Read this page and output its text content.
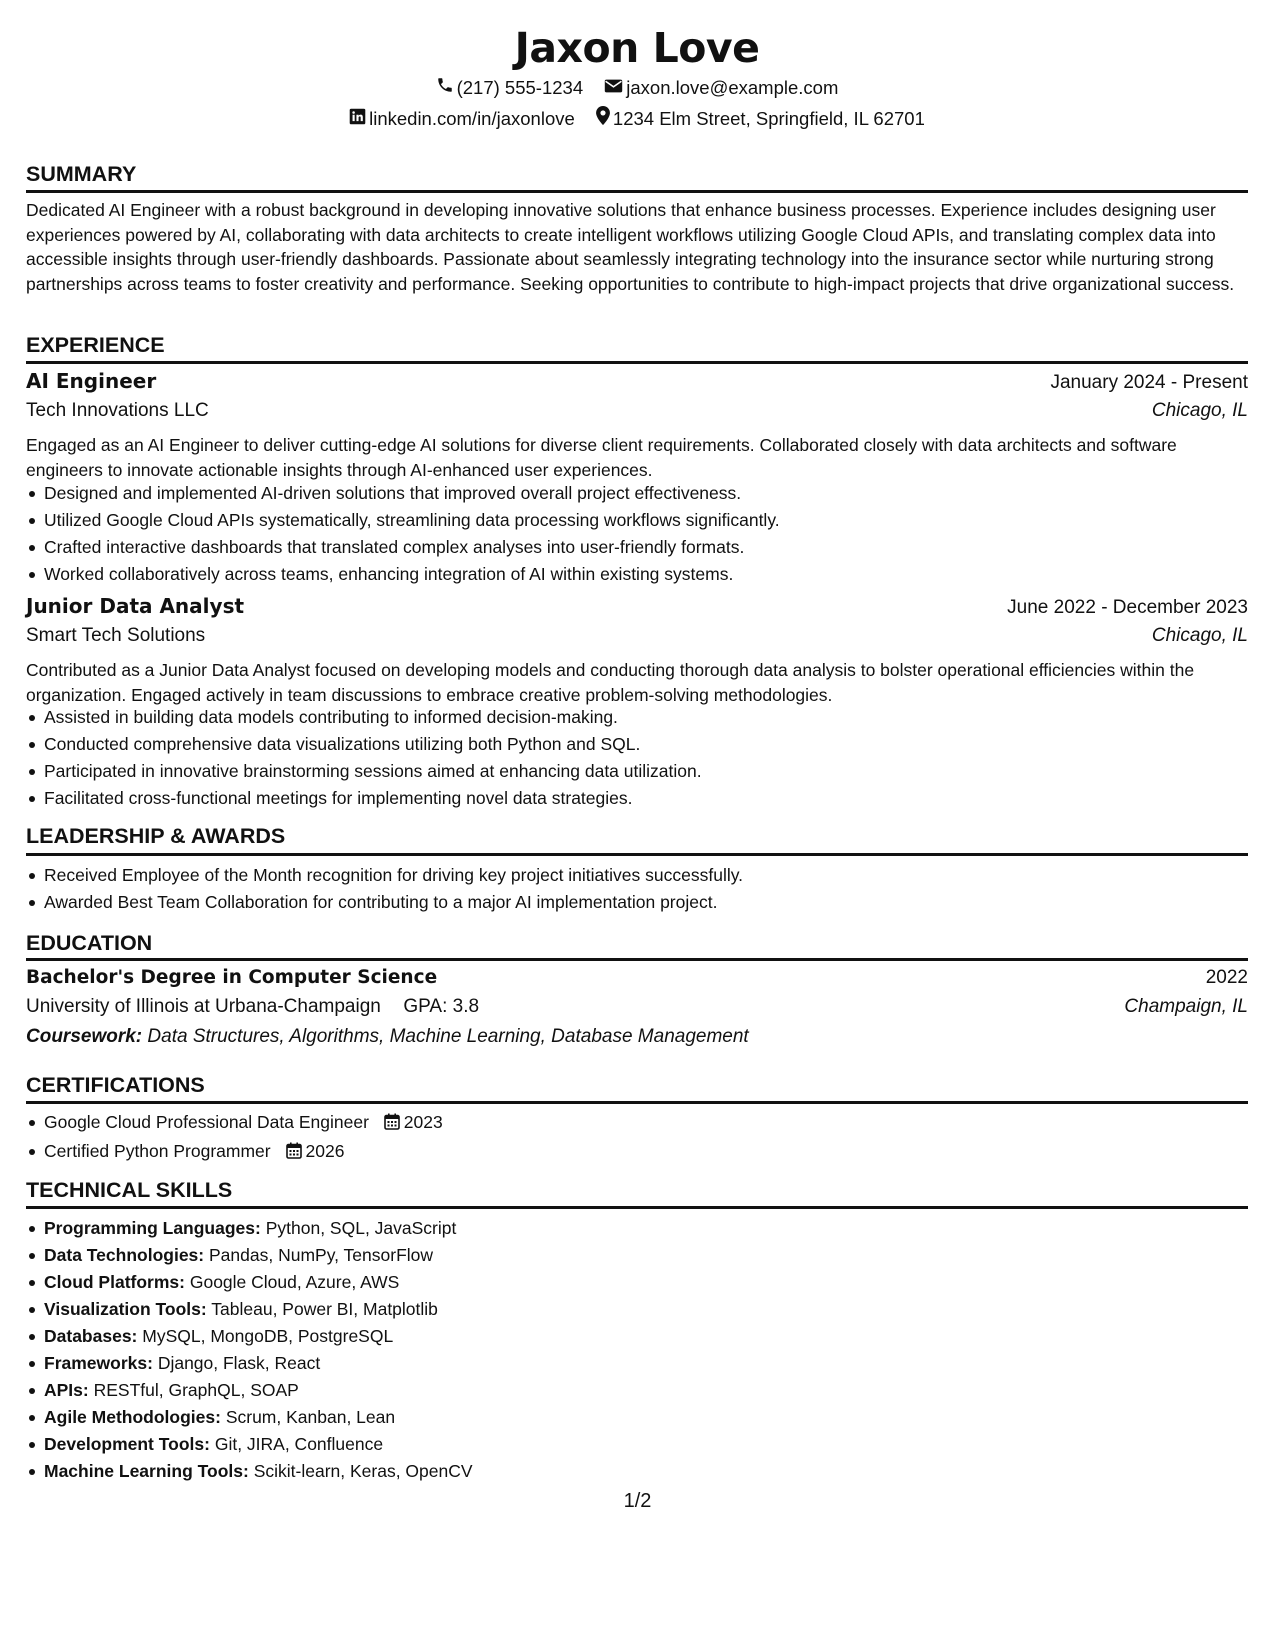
Jaxon Love
(217) 555-1234
jaxon.love@example.com
linkedin.com/in/jaxonlove
1234 Elm Street, Springfield, IL 62701
SUMMARY
Dedicated AI Engineer with a robust background in developing innovative solutions that enhance business processes. Experience includes designing user experiences powered by AI, collaborating with data architects to create intelligent workflows utilizing Google Cloud APIs, and translating complex data into accessible insights through user-friendly dashboards. Passionate about seamlessly integrating technology into the insurance sector while nurturing strong partnerships across teams to foster creativity and performance. Seeking opportunities to contribute to high-impact projects that drive organizational success.
EXPERIENCE
AI Engineer	January 2024 - Present
Tech Innovations LLC	Chicago, IL
Engaged as an AI Engineer to deliver cutting-edge AI solutions for diverse client requirements. Collaborated closely with data architects and software engineers to innovate actionable insights through AI-enhanced user experiences.
Designed and implemented AI-driven solutions that improved overall project effectiveness.
Utilized Google Cloud APIs systematically, streamlining data processing workflows significantly.
Crafted interactive dashboards that translated complex analyses into user-friendly formats.
Worked collaboratively across teams, enhancing integration of AI within existing systems.
Junior Data Analyst	June 2022 - December 2023
Smart Tech Solutions	Chicago, IL
Contributed as a Junior Data Analyst focused on developing models and conducting thorough data analysis to bolster operational efficiencies within the organization. Engaged actively in team discussions to embrace creative problem-solving methodologies.
Assisted in building data models contributing to informed decision-making.
Conducted comprehensive data visualizations utilizing both Python and SQL.
Participated in innovative brainstorming sessions aimed at enhancing data utilization.
Facilitated cross-functional meetings for implementing novel data strategies.
LEADERSHIP & AWARDS
Received Employee of the Month recognition for driving key project initiatives successfully.
Awarded Best Team Collaboration for contributing to a major AI implementation project.
EDUCATION
Bachelor's Degree in Computer Science	2022
University of Illinois at Urbana-Champaign GPA: 3.8	Champaign, IL
Coursework: Data Structures, Algorithms, Machine Learning, Database Management
CERTIFICATIONS
Google Cloud Professional Data Engineer 2023
Certified Python Programmer 2026
TECHNICAL SKILLS
Programming Languages: Python, SQL, JavaScript
Data Technologies: Pandas, NumPy, TensorFlow
Cloud Platforms: Google Cloud, Azure, AWS
Visualization Tools: Tableau, Power BI, Matplotlib
Databases: MySQL, MongoDB, PostgreSQL
Frameworks: Django, Flask, React
APIs: RESTful, GraphQL, SOAP
Agile Methodologies: Scrum, Kanban, Lean
Development Tools: Git, JIRA, Confluence
Machine Learning Tools: Scikit-learn, Keras, OpenCV
1/2
